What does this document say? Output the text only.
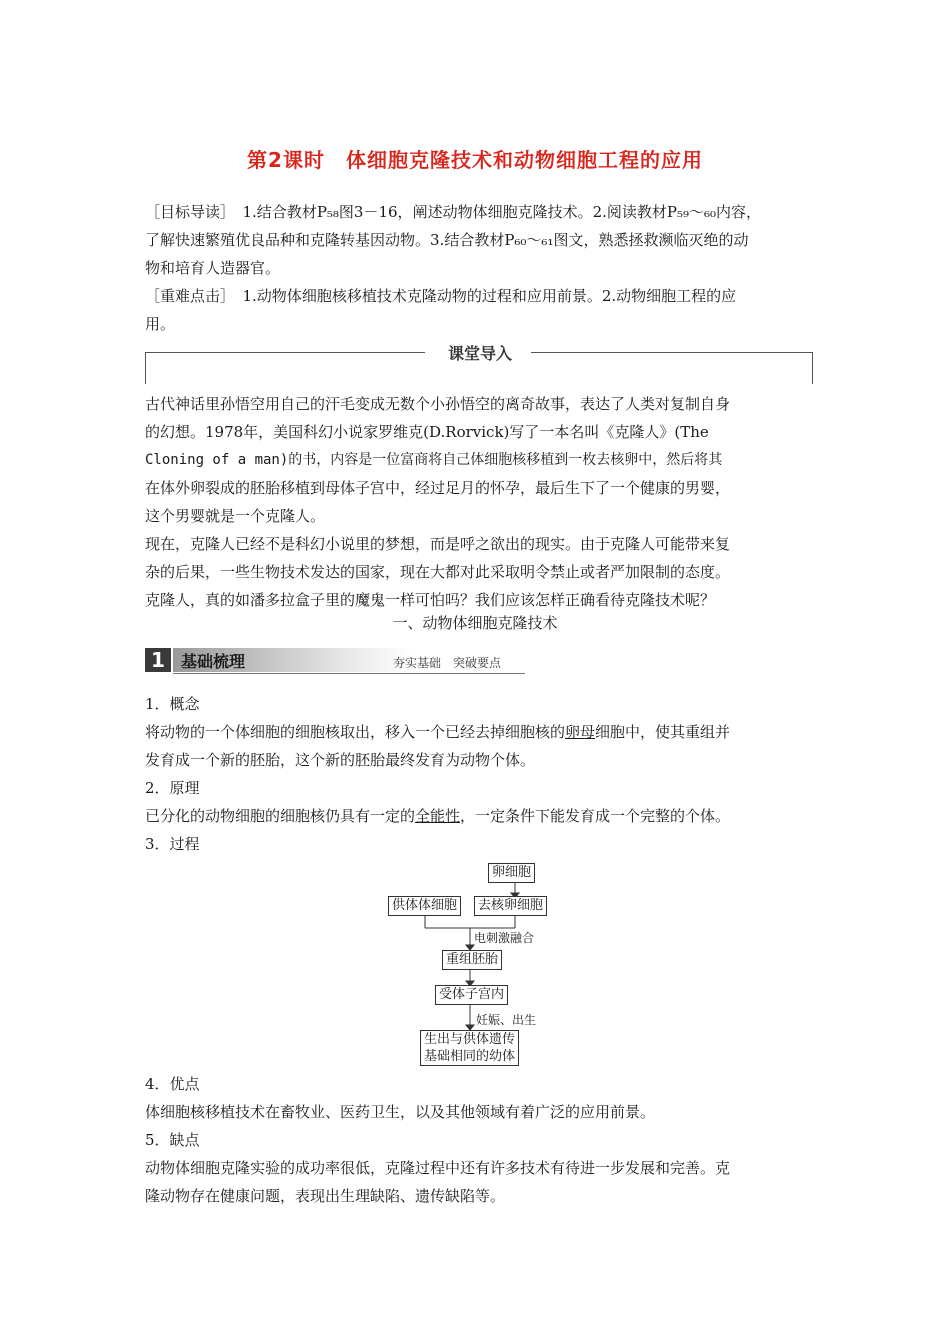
第2课时　体细胞克隆技术和动物细胞工程的应用

［目标导读］　1.结合教材P₅₈图3－16，阐述动物体细胞克隆技术。2.阅读教材P₅₉～₆₀内容，

了解快速繁殖优良品种和克隆转基因动物。3.结合教材P₆₀～₆₁图文，熟悉拯救濒临灭绝的动

物和培育人造器官。

［重难点击］　1.动物体细胞核移植技术克隆动物的过程和应用前景。2.动物细胞工程的应

用。

课堂导入

古代神话里孙悟空用自己的汗毛变成无数个小孙悟空的离奇故事，表达了人类对复制自身

的幻想。1978年，美国科幻小说家罗维克(D.Rorvick)写了一本名叫《克隆人》(The

Cloning of a man)的书，内容是一位富商将自己体细胞核移植到一枚去核卵中，然后将其

在体外卵裂成的胚胎移植到母体子宫中，经过足月的怀孕，最后生下了一个健康的男婴，

这个男婴就是一个克隆人。

现在，克隆人已经不是科幻小说里的梦想，而是呼之欲出的现实。由于克隆人可能带来复

杂的后果，一些生物技术发达的国家，现在大都对此采取明令禁止或者严加限制的态度。

克隆人，真的如潘多拉盒子里的魔鬼一样可怕吗？我们应该怎样正确看待克隆技术呢？

一、动物体细胞克隆技术
1	基础梳理	夯实基础　突破要点

1．概念

将动物的一个体细胞的细胞核取出，移入一个已经去掉细胞核的卵母细胞中，使其重组并

发育成一个新的胚胎，这个新的胚胎最终发育为动物个体。

2．原理

已分化的动物细胞的细胞核仍具有一定的全能性，一定条件下能发育成一个完整的个体。

3．过程

卵细胞
供体体细胞	去核卵细胞
电刺激融合
重组胚胎
受体子宫内
妊娠、出生
生出与供体遗传
基础相同的幼体

4．优点

体细胞核移植技术在畜牧业、医药卫生，以及其他领域有着广泛的应用前景。

5．缺点

动物体细胞克隆实验的成功率很低，克隆过程中还有许多技术有待进一步发展和完善。克

隆动物存在健康问题，表现出生理缺陷、遗传缺陷等。
